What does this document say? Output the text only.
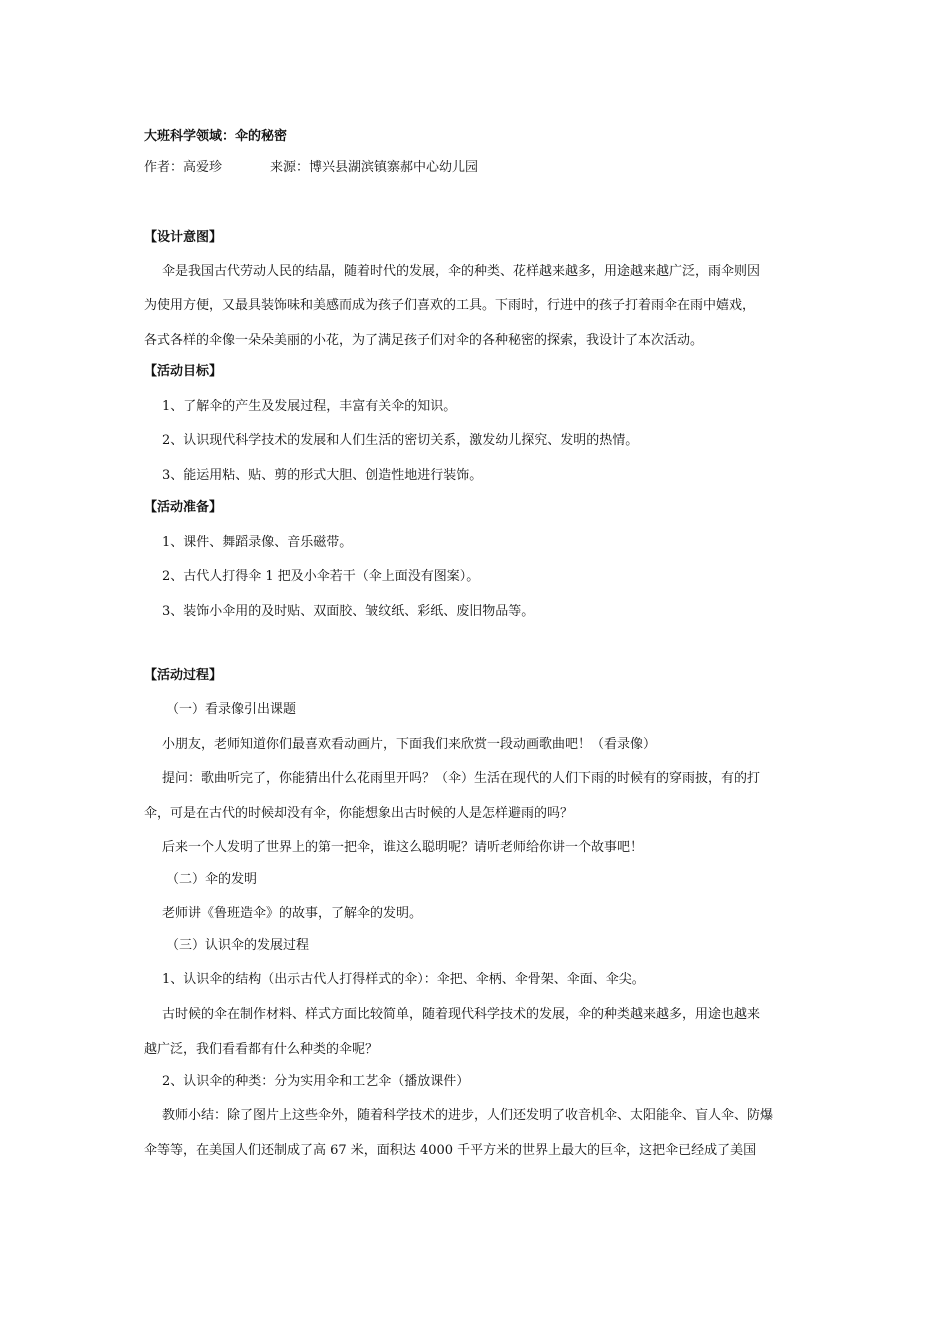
大班科学领域：伞的秘密
作者：高爱珍	来源：博兴县湖滨镇寨郝中心幼儿园
【设计意图】
伞是我国古代劳动人民的结晶，随着时代的发展，伞的种类、花样越来越多，用途越来越广泛，雨伞则因
为使用方便，又最具装饰味和美感而成为孩子们喜欢的工具。下雨时，行进中的孩子打着雨伞在雨中嬉戏，
各式各样的伞像一朵朵美丽的小花，为了满足孩子们对伞的各种秘密的探索，我设计了本次活动。
【活动目标】
1、了解伞的产生及发展过程，丰富有关伞的知识。
2、认识现代科学技术的发展和人们生活的密切关系，激发幼儿探究、发明的热情。
3、能运用粘、贴、剪的形式大胆、创造性地进行装饰。
【活动准备】
1、课件、舞蹈录像、音乐磁带。
2、古代人打得伞 1 把及小伞若干（伞上面没有图案）。
3、装饰小伞用的及时贴、双面胶、皱纹纸、彩纸、废旧物品等。
【活动过程】
（一）看录像引出课题
小朋友，老师知道你们最喜欢看动画片，下面我们来欣赏一段动画歌曲吧！（看录像）
提问：歌曲听完了，你能猜出什么花雨里开吗？（伞）生活在现代的人们下雨的时候有的穿雨披，有的打
伞，可是在古代的时候却没有伞，你能想象出古时候的人是怎样避雨的吗？
后来一个人发明了世界上的第一把伞，谁这么聪明呢？请听老师给你讲一个故事吧！
（二）伞的发明
老师讲《鲁班造伞》的故事，了解伞的发明。
（三）认识伞的发展过程
1、认识伞的结构（出示古代人打得样式的伞）：伞把、伞柄、伞骨架、伞面、伞尖。
古时候的伞在制作材料、样式方面比较简单，随着现代科学技术的发展，伞的种类越来越多，用途也越来
越广泛，我们看看都有什么种类的伞呢？
2、认识伞的种类：分为实用伞和工艺伞（播放课件）
教师小结：除了图片上这些伞外，随着科学技术的进步，人们还发明了收音机伞、太阳能伞、盲人伞、防爆
伞等等，在美国人们还制成了高 67 米，面积达 4000 千平方米的世界上最大的巨伞，这把伞已经成了美国
